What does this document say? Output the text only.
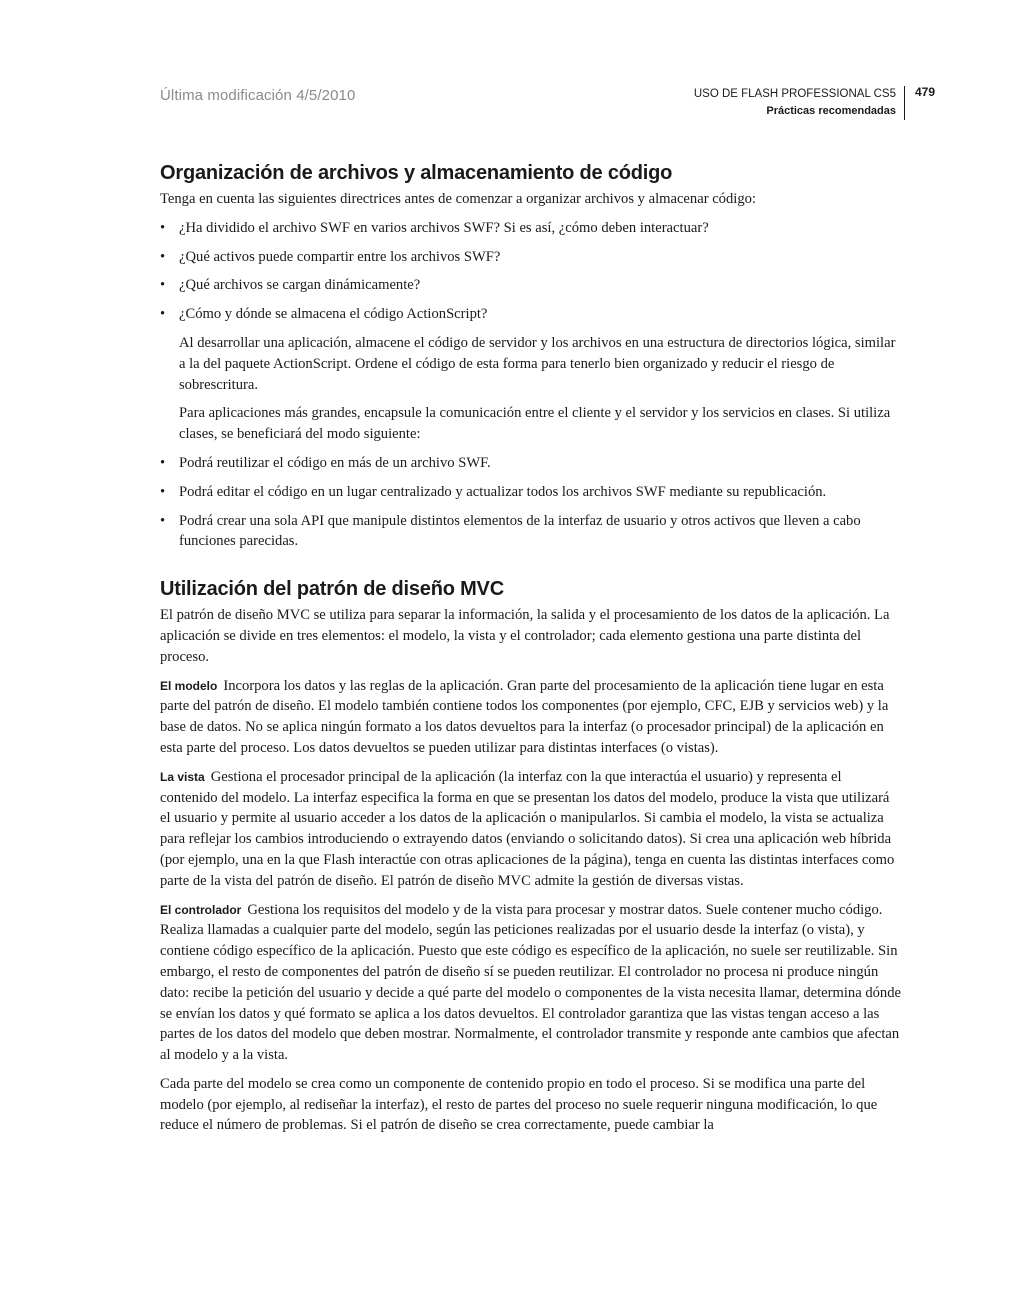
Última modificación 4/5/2010	USO DE FLASH PROFESSIONAL CS5
Prácticas recomendadas
479
Organización de archivos y almacenamiento de código

Tenga en cuenta las siguientes directrices antes de comenzar a organizar archivos y almacenar código:

• ¿Ha dividido el archivo SWF en varios archivos SWF? Si es así, ¿cómo deben interactuar?
• ¿Qué activos puede compartir entre los archivos SWF?
• ¿Qué archivos se cargan dinámicamente?
• ¿Cómo y dónde se almacena el código ActionScript?

Al desarrollar una aplicación, almacene el código de servidor y los archivos en una estructura de directorios lógica, similar a la del paquete ActionScript. Ordene el código de esta forma para tenerlo bien organizado y reducir el riesgo de sobrescritura.

Para aplicaciones más grandes, encapsule la comunicación entre el cliente y el servidor y los servicios en clases. Si utiliza clases, se beneficiará del modo siguiente:

• Podrá reutilizar el código en más de un archivo SWF.
• Podrá editar el código en un lugar centralizado y actualizar todos los archivos SWF mediante su republicación.
• Podrá crear una sola API que manipule distintos elementos de la interfaz de usuario y otros activos que lleven a cabo funciones parecidas.
Utilización del patrón de diseño MVC

El patrón de diseño MVC se utiliza para separar la información, la salida y el procesamiento de los datos de la aplicación. La aplicación se divide en tres elementos: el modelo, la vista y el controlador; cada elemento gestiona una parte distinta del proceso.

El modelo Incorpora los datos y las reglas de la aplicación. Gran parte del procesamiento de la aplicación tiene lugar en esta parte del patrón de diseño. El modelo también contiene todos los componentes (por ejemplo, CFC, EJB y servicios web) y la base de datos. No se aplica ningún formato a los datos devueltos para la interfaz (o procesador principal) de la aplicación en esta parte del proceso. Los datos devueltos se pueden utilizar para distintas interfaces (o vistas).

La vista Gestiona el procesador principal de la aplicación (la interfaz con la que interactúa el usuario) y representa el contenido del modelo. La interfaz especifica la forma en que se presentan los datos del modelo, produce la vista que utilizará el usuario y permite al usuario acceder a los datos de la aplicación o manipularlos. Si cambia el modelo, la vista se actualiza para reflejar los cambios introduciendo o extrayendo datos (enviando o solicitando datos). Si crea una aplicación web híbrida (por ejemplo, una en la que Flash interactúe con otras aplicaciones de la página), tenga en cuenta las distintas interfaces como parte de la vista del patrón de diseño. El patrón de diseño MVC admite la gestión de diversas vistas.

El controlador Gestiona los requisitos del modelo y de la vista para procesar y mostrar datos. Suele contener mucho código. Realiza llamadas a cualquier parte del modelo, según las peticiones realizadas por el usuario desde la interfaz (o vista), y contiene código específico de la aplicación. Puesto que este código es específico de la aplicación, no suele ser reutilizable. Sin embargo, el resto de componentes del patrón de diseño sí se pueden reutilizar. El controlador no procesa ni produce ningún dato: recibe la petición del usuario y decide a qué parte del modelo o componentes de la vista necesita llamar, determina dónde se envían los datos y qué formato se aplica a los datos devueltos. El controlador garantiza que las vistas tengan acceso a las partes de los datos del modelo que deben mostrar. Normalmente, el controlador transmite y responde ante cambios que afectan al modelo y a la vista.

Cada parte del modelo se crea como un componente de contenido propio en todo el proceso. Si se modifica una parte del modelo (por ejemplo, al rediseñar la interfaz), el resto de partes del proceso no suele requerir ninguna modificación, lo que reduce el número de problemas. Si el patrón de diseño se crea correctamente, puede cambiar la
